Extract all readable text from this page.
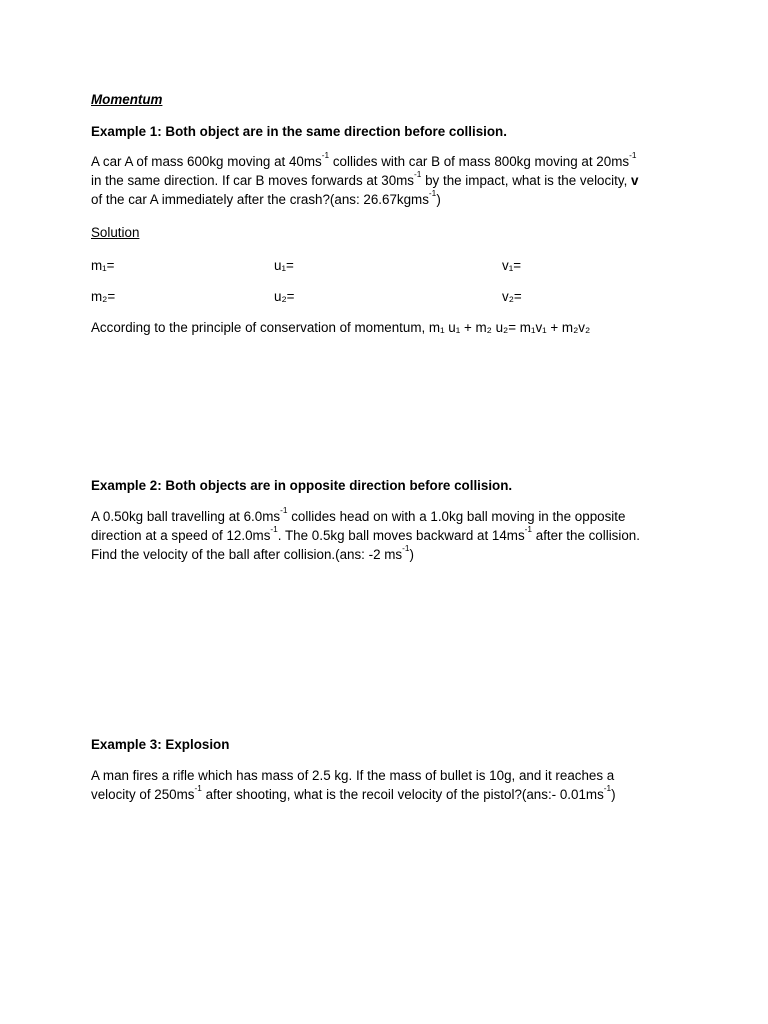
Momentum
Example 1: Both object are in the same direction before collision.
A car A of mass 600kg moving at $40ms^{-1}$ collides with car B of mass 800kg moving at $20ms^{-1}$
in the same direction. If car B moves forwards at $30ms^{-1}$ by the impact, what is the velocity, v
of the car A immediately after the crash?(ans: 26.67kgms$^{-1}$)
Solution
m₁=	u₁=	v₁=
m₂=	u₂=	v₂=
According to the principle of conservation of momentum, m₁ u₁ + m₂ u₂= m₁v₁ + m₂v₂
Example 2: Both objects are in opposite direction before collision.
A 0.50kg ball travelling at $6.0ms^{-1}$ collides head on with a 1.0kg ball moving in the opposite
direction at a speed of $12.0ms^{-1}$. The 0.5kg ball moves backward at $14ms^{-1}$ after the collision.
Find the velocity of the ball after collision.(ans: -2 $ms^{-1}$)
Example 3: Explosion
A man fires a rifle which has mass of 2.5 kg. If the mass of bullet is 10g, and it reaches a
velocity of $250ms^{-1}$ after shooting, what is the recoil velocity of the pistol?(ans:- $0.01ms^{-1}$)
